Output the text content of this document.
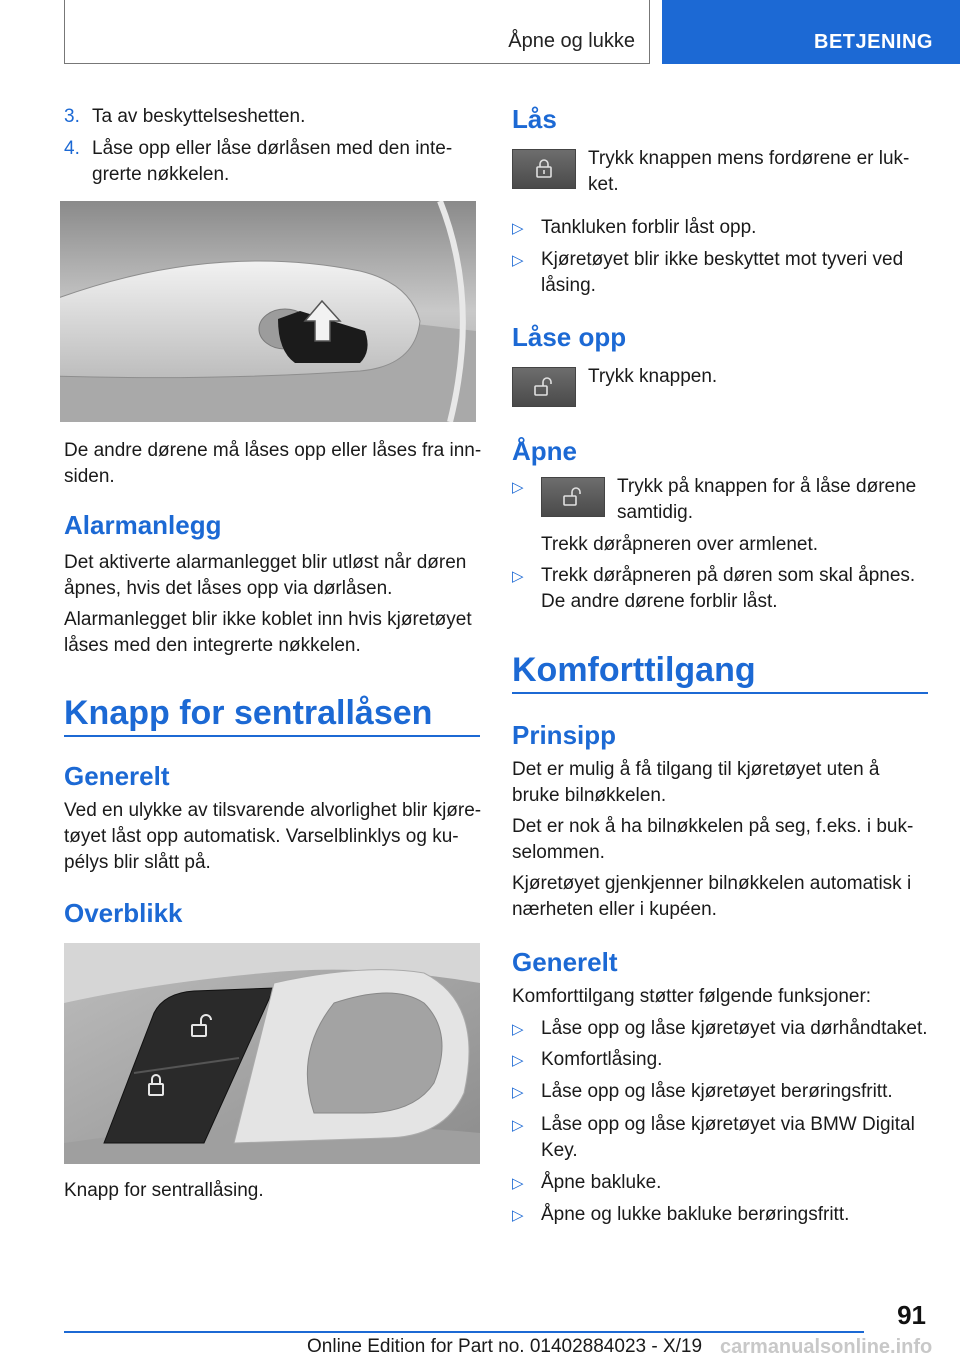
Åpne og lukke	BETJENING
3. Ta av beskyttelseshetten.
4. Låse opp eller låse dørlåsen med den inte-
grerte nøkkelen.
De andre dørene må låses opp eller låses fra inn-
siden.
Alarmanlegg
Det aktiverte alarmanlegget blir utløst når døren
åpnes, hvis det låses opp via dørlåsen.
Alarmanlegget blir ikke koblet inn hvis kjøretøyet
låses med den integrerte nøkkelen.
Knapp for sentrallåsen
Generelt
Ved en ulykke av tilsvarende alvorlighet blir kjøre-
tøyet låst opp automatisk. Varselblinklys og ku-
pélys blir slått på.
Overblikk
Knapp for sentrallåsing.
Lås
Trykk knappen mens fordørene er luk-
ket.
▷ Tankluken forblir låst opp.
▷ Kjøretøyet blir ikke beskyttet mot tyveri ved
låsing.
Låse opp
Trykk knappen.
Åpne
▷	Trykk på knappen for å låse dørene
samtidig.
Trekk døråpneren over armlenet.
▷ Trekk døråpneren på døren som skal åpnes.
De andre dørene forblir låst.
Komforttilgang
Prinsipp
Det er mulig å få tilgang til kjøretøyet uten å
bruke bilnøkkelen.
Det er nok å ha bilnøkkelen på seg, f.eks. i buk-
selommen.
Kjøretøyet gjenkjenner bilnøkkelen automatisk i
nærheten eller i kupéen.
Generelt
Komforttilgang støtter følgende funksjoner:
▷ Låse opp og låse kjøretøyet via dørhåndtaket.
▷ Komfortlåsing.
▷ Låse opp og låse kjøretøyet berøringsfritt.
▷ Låse opp og låse kjøretøyet via BMW Digital
Key.
▷ Åpne bakluke.
▷ Åpne og lukke bakluke berøringsfritt.
91
Online Edition for Part no. 01402884023 - X/19 carmanualsonline.info
